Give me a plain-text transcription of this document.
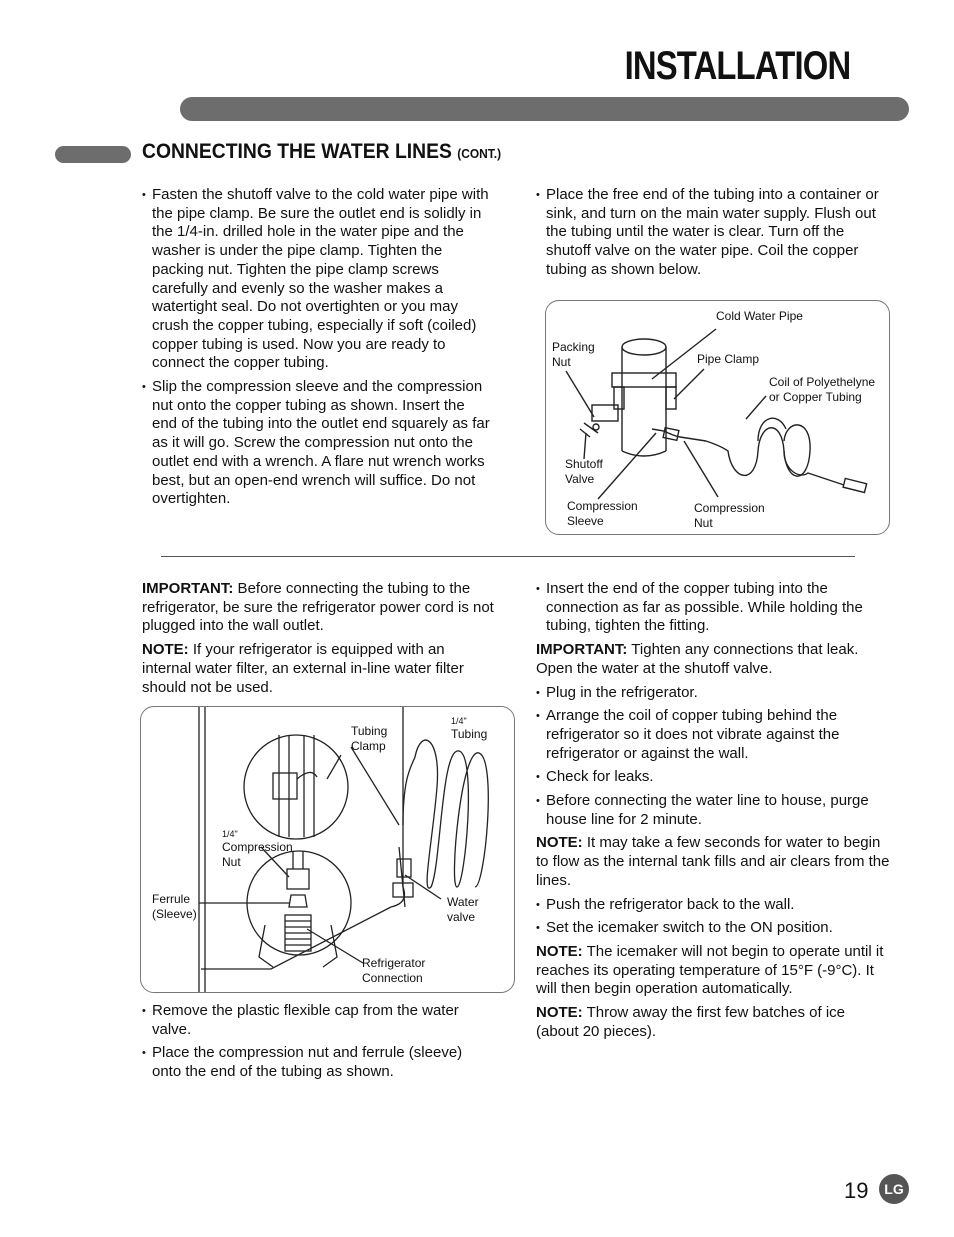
INSTALLATION
CONNECTING THE WATER LINES (CONT.)
• Fasten the shutoff valve to the cold water pipe with the pipe clamp. Be sure the outlet end is solidly in the 1/4-in. drilled hole in the water pipe and the washer is under the pipe clamp. Tighten the packing nut. Tighten the pipe clamp screws carefully and evenly so the washer makes a watertight seal. Do not overtighten or you may crush the copper tubing, especially if soft (coiled) copper tubing is used. Now you are ready to connect the copper tubing.
• Slip the compression sleeve and the compression nut onto the copper tubing as shown. Insert the end of the tubing into the outlet end squarely as far as it will go. Screw the compression nut onto the outlet end with a wrench. A flare nut wrench works best, but an open-end wrench will suffice. Do not overtighten.
• Place the free end of the tubing into a container or sink, and turn on the main water supply. Flush out the tubing until the water is clear. Turn off the shutoff valve on the water pipe. Coil the copper tubing as shown below.
Cold Water Pipe
Packing
Nut	Pipe Clamp
Coil of Polyethelyne
or Copper Tubing
Shutoff
Valve
Compression
Sleeve
Compression
Nut

IMPORTANT: Before connecting the tubing to the refrigerator, be sure the refrigerator power cord is not plugged into the wall outlet.

NOTE: If your refrigerator is equipped with an internal water filter, an external in-line water filter should not be used.

Tubing
Clamp
1/4"
Tubing
1/4"
Compression
Nut
Ferrule
(Sleeve)
Water
valve
Refrigerator
Connection
• Remove the plastic flexible cap from the water valve.
• Place the compression nut and ferrule (sleeve) onto the end of the tubing as shown.
• Insert the end of the copper tubing into the connection as far as possible. While holding the tubing, tighten the fitting.

IMPORTANT: Tighten any connections that leak. Open the water at the shutoff valve.

• Plug in the refrigerator.
• Arrange the coil of copper tubing behind the refrigerator so it does not vibrate against the refrigerator or against the wall.
• Check for leaks.
• Before connecting the water line to house, purge house line for 2 minute.

NOTE: It may take a few seconds for water to begin to flow as the internal tank fills and air clears from the lines.

• Push the refrigerator back to the wall.
• Set the icemaker switch to the ON position.

NOTE: The icemaker will not begin to operate until it reaches its operating temperature of 15°F (-9°C). It will then begin operation automatically.

NOTE: Throw away the first few batches of ice (about 20 pieces).

19	LG
